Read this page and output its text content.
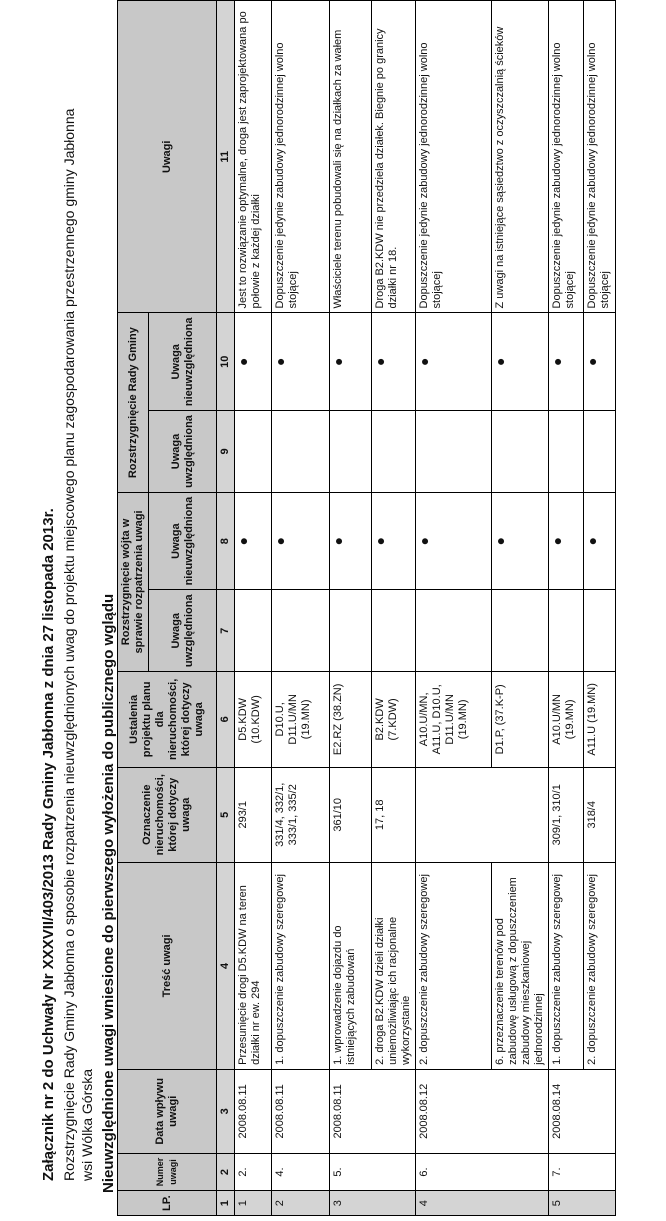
Załącznik nr 2 do Uchwały Nr XXXVII/403/2013 Rady Gminy Jabłonna z dnia 27 listopada 2013r. Rozstrzygnięcie Rady Gminy Jabłonna o sposobie rozpatrzenia nieuwzględnionych uwag do projektu miejscowego planu zagospodarowania przestrzennego gminy Jabłonna wsi Wólka Górska Nieuwzględnione uwagi wniesione do pierwszego wyłożenia do publicznego wglądu
LP.	Numer uwagi	Data wpływu uwagi	Treść uwagi	Oznaczenie nieruchomości, której dotyczy uwaga	Ustalenia projektu planu dla nieruchomości, której dotyczy uwaga	Rozstrzygnięcie wójta w sprawie rozpatrzenia uwagi		Rozstrzygnięcie Rady Gminy		Uwagi
						Uwaga uwzględniona	Uwaga nieuwzględniona	Uwaga uwzględniona	Uwaga nieuwzględniona	
1	2	3	4	5	6	7	8	9	10	11
1	2.	2008.08.11	Przesunięcie drogi D5.KDW na teren działki nr ew. 294	293/1	D5.KDW (10.KDW)		●		●	Jest to rozwiązanie optymalne, droga jest zaprojektowana po połowie z każdej działki
2	4.	2008.08.11	1. dopuszczenie zabudowy szeregowej	331/4, 332/1, 333/1, 335/2	D10.U, D11.U/MN (19.MN)		●		●	Dopuszczenie jedynie zabudowy jednorodzinnej wolno stojącej
3	5.	2008.08.11	1. wprowadzenie dojazdu do istniejących zabudowań	361/10	E2.RZ (38.ZN)		●		●	Właściciele terenu pobudowali się na działkach za wałem
			2. droga B2.KDW dzieli działki uniemożliwiając ich racjonalne wykorzystanie	17, 18	B2.KDW (7.KDW)		●		●	Droga B2.KDW nie przedziela działek. Biegnie po granicy działki nr 18.
4	6.	2008.08.12	2. dopuszczenie zabudowy szeregowej		A10.U/MN, A11.U, D10.U, D11.U/MN (19.MN)		●		●	Dopuszczenie jedynie zabudowy jednorodzinnej wolno stojącej
			6. przeznaczenie terenów pod zabudowę usługową z dopuszczeniem zabudowy mieszkaniowej jednorodzinnej		D1.P, (37.K-P)		●		●	Z uwagi na istniejące sąsiedztwo z oczyszczalnią ścieków
5	7.	2008.08.14	1. dopuszczenie zabudowy szeregowej	309/1, 310/1	A10.U/MN (19.MN)		●		●	Dopuszczenie jedynie zabudowy jednorodzinnej wolno stojącej
			2. dopuszczenie zabudowy szeregowej	318/4	A11.U (19.MN)		●		●	Dopuszczenie jedynie zabudowy jednorodzinnej wolno stojącej
